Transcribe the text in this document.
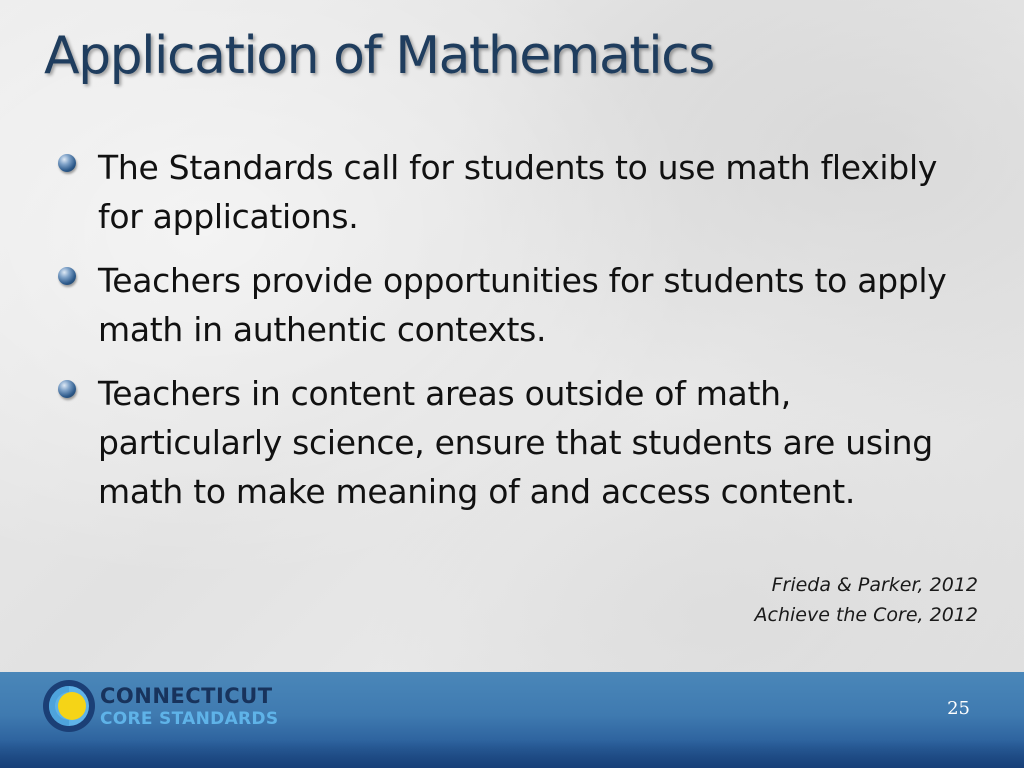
Application of Mathematics
The Standards call for students to use math flexibly for applications.
Teachers provide opportunities for students to apply math in authentic contexts.
Teachers in content areas outside of math, particularly science, ensure that students are using math to make meaning of and access content.
Frieda & Parker, 2012
Achieve the Core, 2012
CONNECTICUT
CORE STANDARDS	25
